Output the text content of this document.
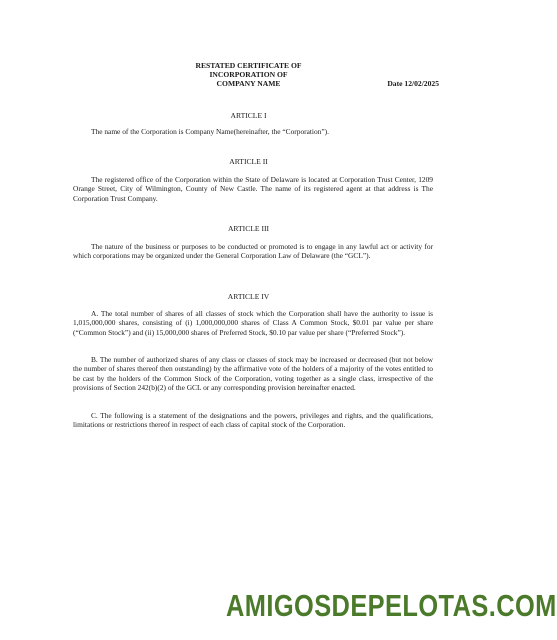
RESTATED CERTIFICATE OF
INCORPORATION OF
COMPANY NAME	Date 12/02/2025
ARTICLE I
The name of the Corporation is Company Name(hereinafter, the “Corporation”).
ARTICLE II
The registered office of the Corporation within the State of Delaware is located at Corporation Trust Center, 1209 Orange Street, City of Wilmington, County of New Castle. The name of its registered agent at that address is The Corporation Trust Company.
ARTICLE III
The nature of the business or purposes to be conducted or promoted is to engage in any lawful act or activity for which corporations may be organized under the General Corporation Law of Delaware (the “GCL”).
ARTICLE IV
A. The total number of shares of all classes of stock which the Corporation shall have the authority to issue is 1,015,000,000 shares, consisting of (i) 1,000,000,000 shares of Class A Common Stock, $0.01 par value per share (“Common Stock”) and (ii) 15,000,000 shares of Preferred Stock, $0.10 par value per share (“Preferred Stock”).
B. The number of authorized shares of any class or classes of stock may be increased or decreased (but not below the number of shares thereof then outstanding) by the affirmative vote of the holders of a majority of the votes entitled to be cast by the holders of the Common Stock of the Corporation, voting together as a single class, irrespective of the provisions of Section 242(b)(2) of the GCL or any corresponding provision hereinafter enacted.
C. The following is a statement of the designations and the powers, privileges and rights, and the qualifications, limitations or restrictions thereof in respect of each class of capital stock of the Corporation.
AMIGOSDEPELOTAS.COM
